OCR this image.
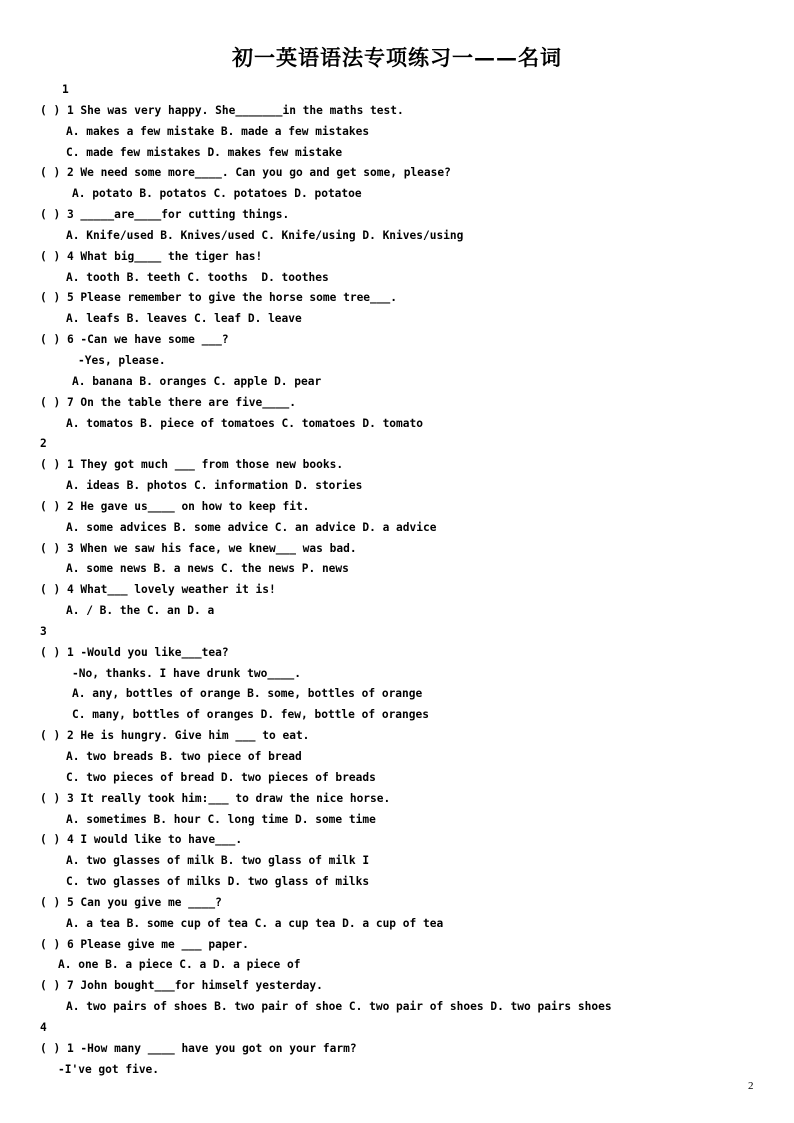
初一英语语法专项练习一——名词
1
( ) 1 She was very happy. She_______in the maths test.
A. makes a few mistake B. made a few mistakes
C. made few mistakes D. makes few mistake
( ) 2 We need some more____. Can you go and get some, please?
A. potato B. potatos C. potatoes D. potatoe
( ) 3 _____are____for cutting things.
A. Knife/used B. Knives/used C. Knife/using D. Knives/using
( ) 4 What big____ the tiger has!
A. tooth B. teeth C. tooths  D. toothes
( ) 5 Please remember to give the horse some tree___.
A. leafs B. leaves C. leaf D. leave
( ) 6 -Can we have some ___?
-Yes, please.
A. banana B. oranges C. apple D. pear
( ) 7 On the table there are five____.
A. tomatos B. piece of tomatoes C. tomatoes D. tomato
2
( ) 1 They got much ___ from those new books.
A. ideas B. photos C. information D. stories
( ) 2 He gave us____ on how to keep fit.
A. some advices B. some advice C. an advice D. a advice
( ) 3 When we saw his face, we knew___ was bad.
A. some news B. a news C. the news P. news
( ) 4 What___ lovely weather it is!
A. / B. the C. an D. a
3
( ) 1 -Would you like___tea?
-No, thanks. I have drunk two____.
A. any, bottles of orange B. some, bottles of orange
C. many, bottles of oranges D. few, bottle of oranges
( ) 2 He is hungry. Give him ___ to eat.
A. two breads B. two piece of bread
C. two pieces of bread D. two pieces of breads
( ) 3 It really took him:___ to draw the nice horse.
A. sometimes B. hour C. long time D. some time
( ) 4 I would like to have___.
A. two glasses of milk B. two glass of milk I
C. two glasses of milks D. two glass of milks
( ) 5 Can you give me ____?
A. a tea B. some cup of tea C. a cup tea D. a cup of tea
( ) 6 Please give me ___ paper.
A. one B. a piece C. a D. a piece of
( ) 7 John bought___for himself yesterday.
A. two pairs of shoes B. two pair of shoe C. two pair of shoes D. two pairs shoes
4
( ) 1 -How many ____ have you got on your farm?
-I've got five.
2
